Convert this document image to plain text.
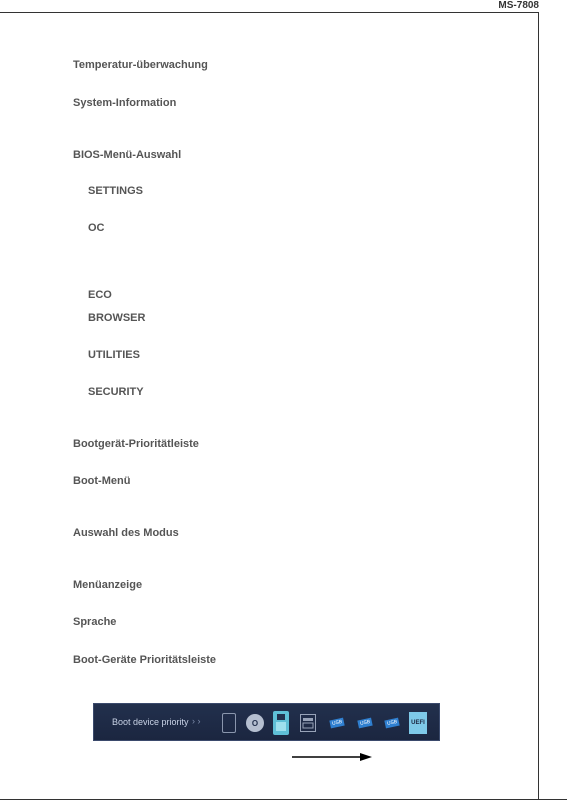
MS-7808
Temperatur-überwachung
System-Information
BIOS-Menü-Auswahl
SETTINGS
OC
ECO
BROWSER
UTILITIES
SECURITY
Bootgerät-Prioritätleiste
Boot-Menü
Auswahl des Modus
Menüanzeige
Sprache
Boot-Geräte Prioritätsleiste
Boot device priority › ›	O	USB	USB	USB	UEFI
